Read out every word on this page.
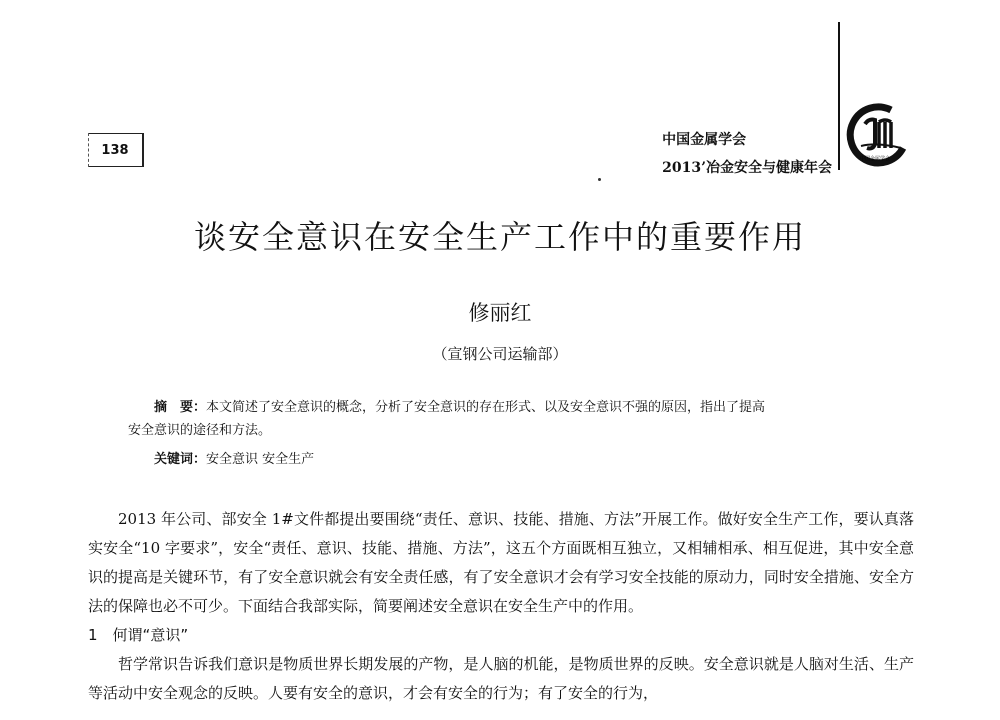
138
中国金属学会
2013’冶金安全与健康年会
中国金属学会
谈安全意识在安全生产工作中的重要作用
修丽红
（宣钢公司运输部）

摘　要：本文简述了安全意识的概念，分析了安全意识的存在形式、以及安全意识不强的原因，指出了提高

安全意识的途径和方法。

关键词：安全意识 安全生产

2013 年公司、部安全 1#文件都提出要围绕“责任、意识、技能、措施、方法”开展工作。做好安全生产工作，要认真落实安全“10 字要求”，安全“责任、意识、技能、措施、方法”，这五个方面既相互独立，又相辅相承、相互促进，其中安全意识的提高是关键环节，有了安全意识就会有安全责任感，有了安全意识才会有学习安全技能的原动力，同时安全措施、安全方法的保障也必不可少。下面结合我部实际，简要阐述安全意识在安全生产中的作用。

1　何谓“意识”

哲学常识告诉我们意识是物质世界长期发展的产物，是人脑的机能，是物质世界的反映。安全意识就是人脑对生活、生产等活动中安全观念的反映。人要有安全的意识，才会有安全的行为；有了安全的行为，
